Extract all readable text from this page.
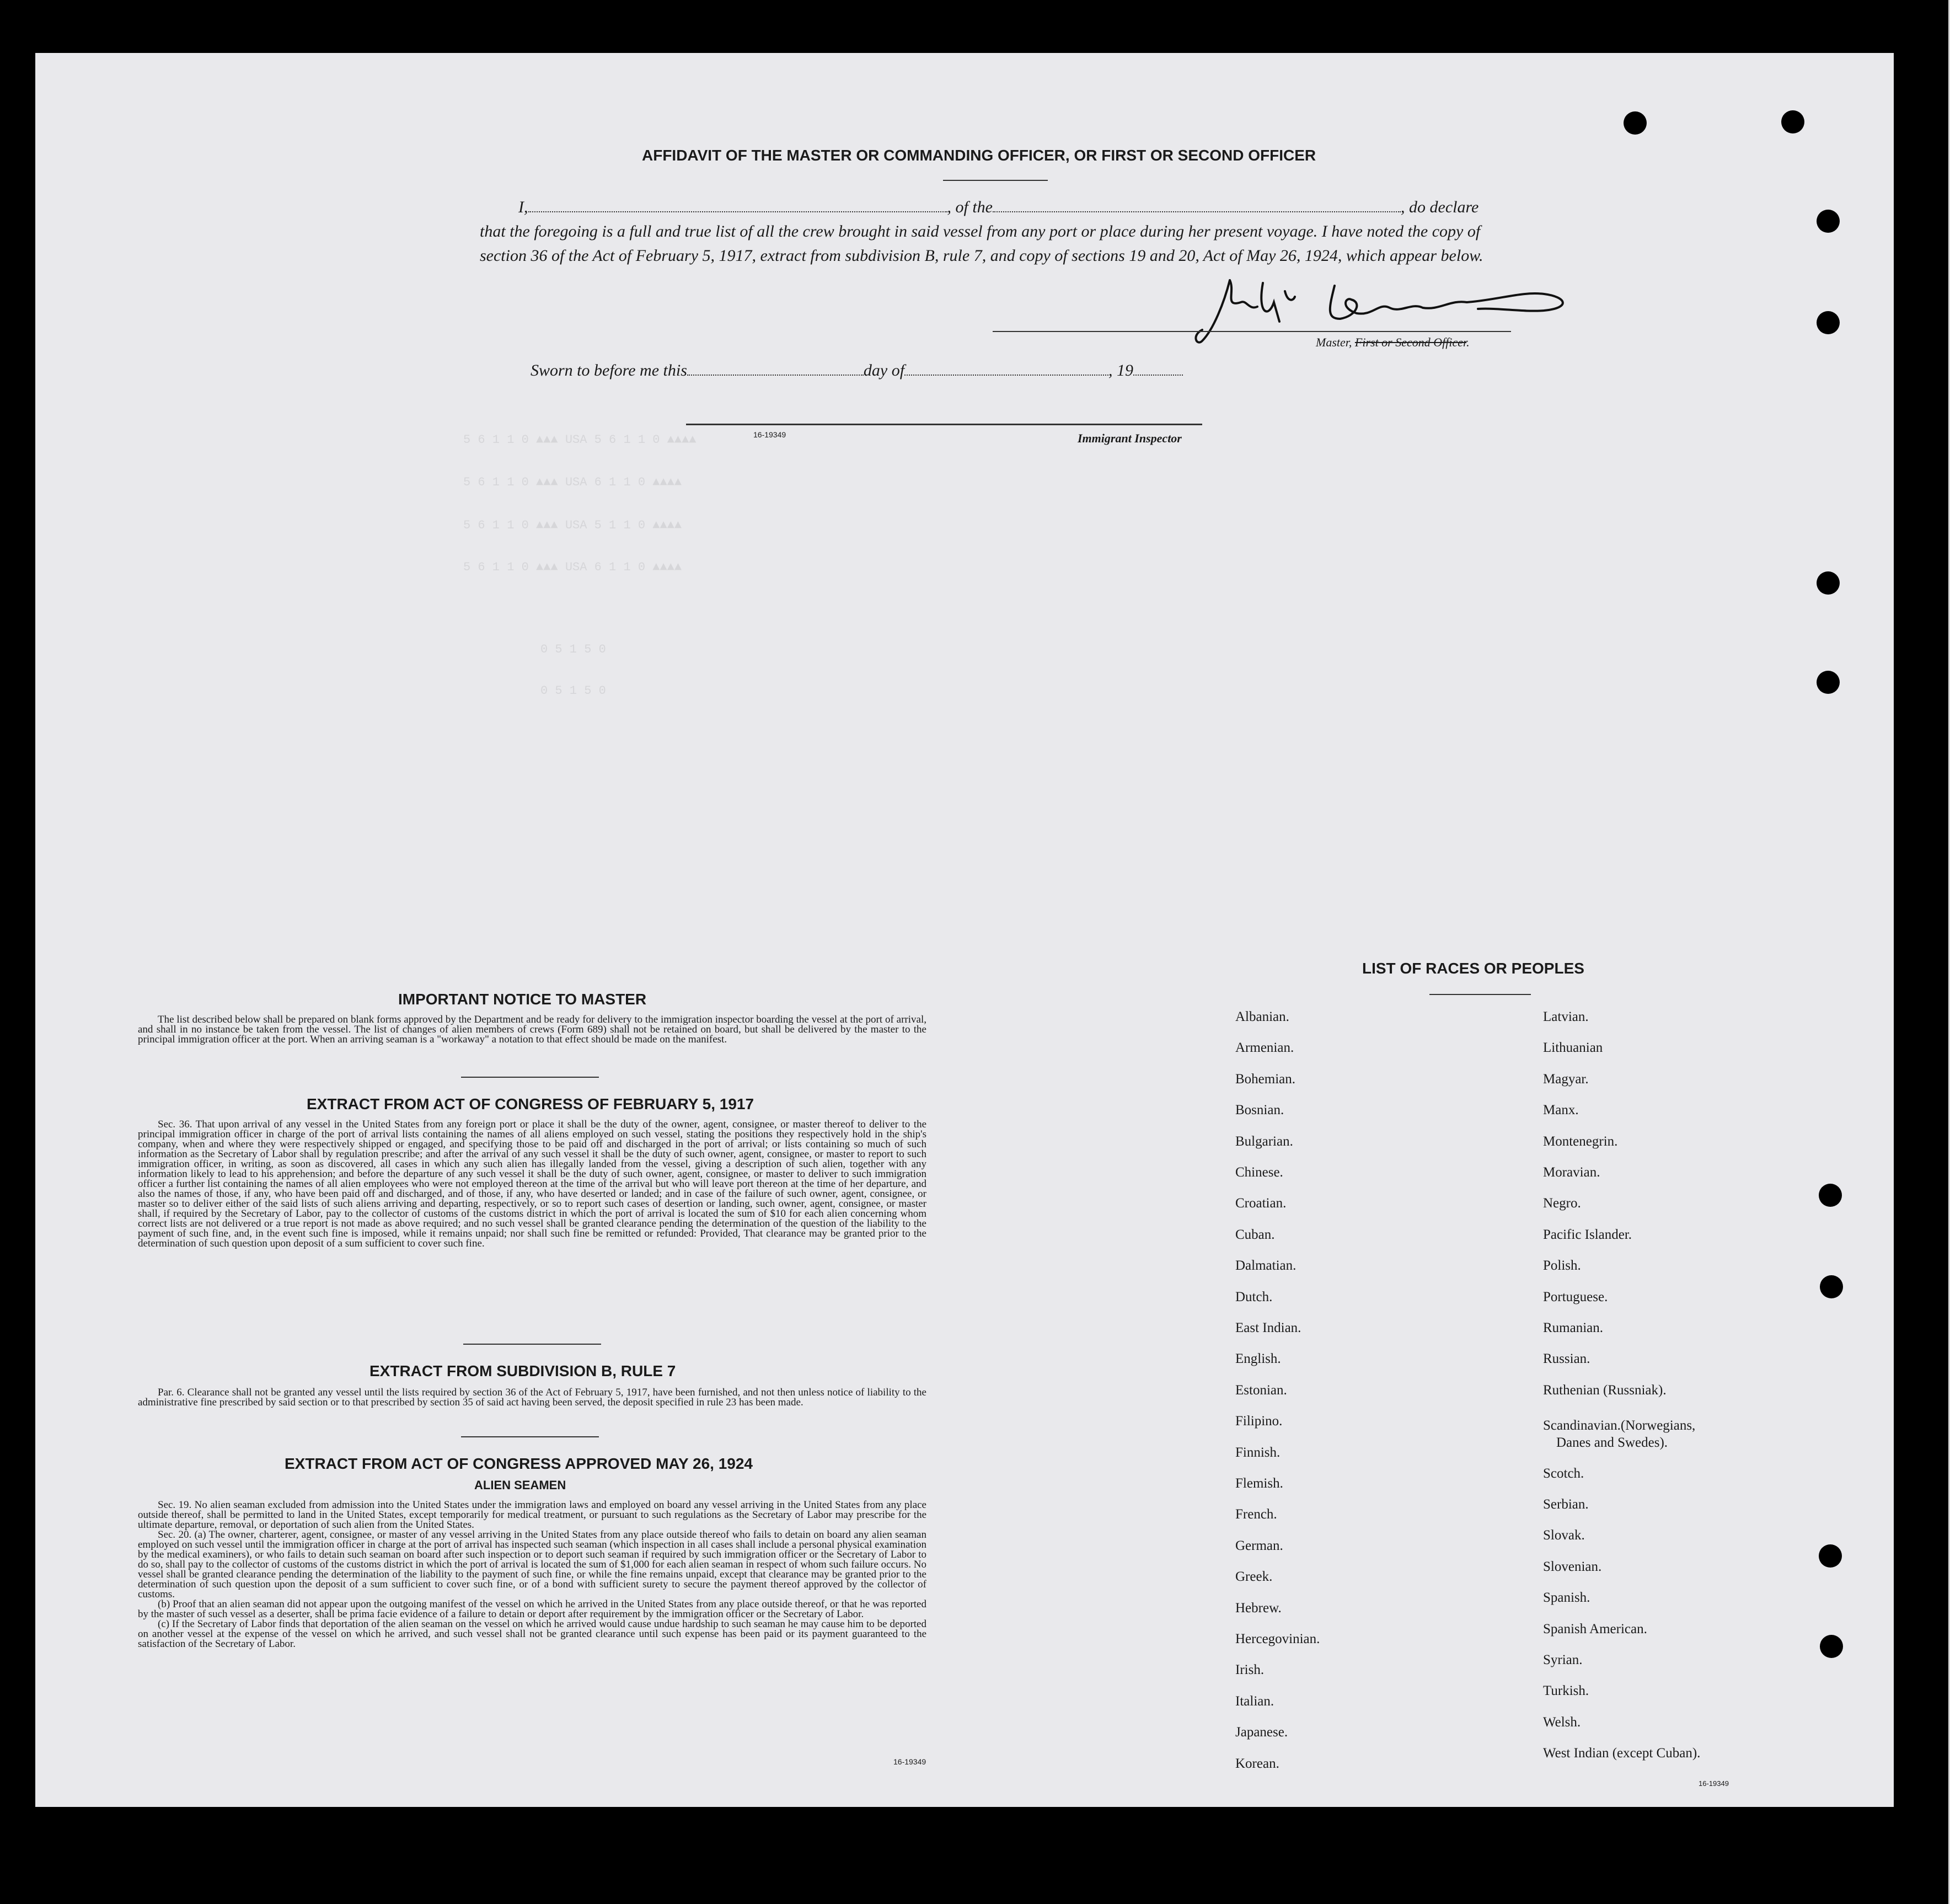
5 6 1 1 0 ▲▲▲ USA 5 6 1 1 0 ▲▲▲▲
5 6 1 1 0 ▲▲▲ USA 6 1 1 0 ▲▲▲▲
5 6 1 1 0 ▲▲▲ USA 5 1 1 0 ▲▲▲▲
5 6 1 1 0 ▲▲▲ USA 6 1 1 0 ▲▲▲▲
0 5 1 5 0
0 5 1 5 0
AFFIDAVIT OF THE MASTER OR COMMANDING OFFICER, OR FIRST OR SECOND OFFICER
I,	, of the	, do declare
that the foregoing is a full and true list of all the crew brought in said vessel from any port or place during her present voyage. I have noted the copy of section 36 of the Act of February 5, 1917, extract from subdivision B, rule 7, and copy of sections 19 and 20, Act of May 26, 1924, which appear below.
Master, First or Second Officer.
Sworn to before me this	day of	, 19
16-19349	Immigrant Inspector
IMPORTANT NOTICE TO MASTER

The list described below shall be prepared on blank forms approved by the Department and be ready for delivery to the immigration inspector boarding the vessel at the port of arrival, and shall in no instance be taken from the vessel. The list of changes of alien members of crews (Form 689) shall not be retained on board, but shall be delivered by the master to the principal immigration officer at the port. When an arriving seaman is a "workaway" a notation to that effect should be made on the manifest.

EXTRACT FROM ACT OF CONGRESS OF FEBRUARY 5, 1917

Sec. 36. That upon arrival of any vessel in the United States from any foreign port or place it shall be the duty of the owner, agent, consignee, or master thereof to deliver to the principal immigration officer in charge of the port of arrival lists containing the names of all aliens employed on such vessel, stating the positions they respectively hold in the ship's company, when and where they were respectively shipped or engaged, and specifying those to be paid off and discharged in the port of arrival; or lists containing so much of such information as the Secretary of Labor shall by regulation prescribe; and after the arrival of any such vessel it shall be the duty of such owner, agent, consignee, or master to report to such immigration officer, in writing, as soon as discovered, all cases in which any such alien has illegally landed from the vessel, giving a description of such alien, together with any information likely to lead to his apprehension; and before the departure of any such vessel it shall be the duty of such owner, agent, consignee, or master to deliver to such immigration officer a further list containing the names of all alien employees who were not employed thereon at the time of the arrival but who will leave port thereon at the time of her departure, and also the names of those, if any, who have been paid off and discharged, and of those, if any, who have deserted or landed; and in case of the failure of such owner, agent, consignee, or master so to deliver either of the said lists of such aliens arriving and departing, respectively, or so to report such cases of desertion or landing, such owner, agent, consignee, or master shall, if required by the Secretary of Labor, pay to the collector of customs of the customs district in which the port of arrival is located the sum of $10 for each alien concerning whom correct lists are not delivered or a true report is not made as above required; and no such vessel shall be granted clearance pending the determination of the question of the liability to the payment of such fine, and, in the event such fine is imposed, while it remains unpaid; nor shall such fine be remitted or refunded: Provided, That clearance may be granted prior to the determination of such question upon deposit of a sum sufficient to cover such fine.

EXTRACT FROM SUBDIVISION B, RULE 7

Par. 6. Clearance shall not be granted any vessel until the lists required by section 36 of the Act of February 5, 1917, have been furnished, and not then unless notice of liability to the administrative fine prescribed by said section or to that prescribed by section 35 of said act having been served, the deposit specified in rule 23 has been made.

EXTRACT FROM ACT OF CONGRESS APPROVED MAY 26, 1924
ALIEN SEAMEN

Sec. 19. No alien seaman excluded from admission into the United States under the immigration laws and employed on board any vessel arriving in the United States from any place outside thereof, shall be permitted to land in the United States, except temporarily for medical treatment, or pursuant to such regulations as the Secretary of Labor may prescribe for the ultimate departure, removal, or deportation of such alien from the United States.

Sec. 20. (a) The owner, charterer, agent, consignee, or master of any vessel arriving in the United States from any place outside thereof who fails to detain on board any alien seaman employed on such vessel until the immigration officer in charge at the port of arrival has inspected such seaman (which inspection in all cases shall include a personal physical examination by the medical examiners), or who fails to detain such seaman on board after such inspection or to deport such seaman if required by such immigration officer or the Secretary of Labor to do so, shall pay to the collector of customs of the customs district in which the port of arrival is located the sum of $1,000 for each alien seaman in respect of whom such failure occurs. No vessel shall be granted clearance pending the determination of the liability to the payment of such fine, or while the fine remains unpaid, except that clearance may be granted prior to the determination of such question upon the deposit of a sum sufficient to cover such fine, or of a bond with sufficient surety to secure the payment thereof approved by the collector of customs.

(b) Proof that an alien seaman did not appear upon the outgoing manifest of the vessel on which he arrived in the United States from any place outside thereof, or that he was reported by the master of such vessel as a deserter, shall be prima facie evidence of a failure to detain or deport after requirement by the immigration officer or the Secretary of Labor.

(c) If the Secretary of Labor finds that deportation of the alien seaman on the vessel on which he arrived would cause undue hardship to such seaman he may cause him to be deported on another vessel at the expense of the vessel on which he arrived, and such vessel shall not be granted clearance until such expense has been paid or its payment guaranteed to the satisfaction of the Secretary of Labor.

16-19349
LIST OF RACES OR PEOPLES
Albanian.
Armenian.
Bohemian.
Bosnian.
Bulgarian.
Chinese.
Croatian.
Cuban.
Dalmatian.
Dutch.
East Indian.
English.
Estonian.
Filipino.
Finnish.
Flemish.
French.
German.
Greek.
Hebrew.
Hercegovinian.
Irish.
Italian.
Japanese.
Korean.
Latvian.
Lithuanian
Magyar.
Manx.
Montenegrin.
Moravian.
Negro.
Pacific Islander.
Polish.
Portuguese.
Rumanian.
Russian.
Ruthenian (Russniak).
Scandinavian.(Norwegians,
Scotch.
Serbian.
Slovak.
Slovenian.
Spanish.
Spanish American.
Syrian.
Turkish.
Welsh.
West Indian (except Cuban).
Danes and Swedes).
16-19349
